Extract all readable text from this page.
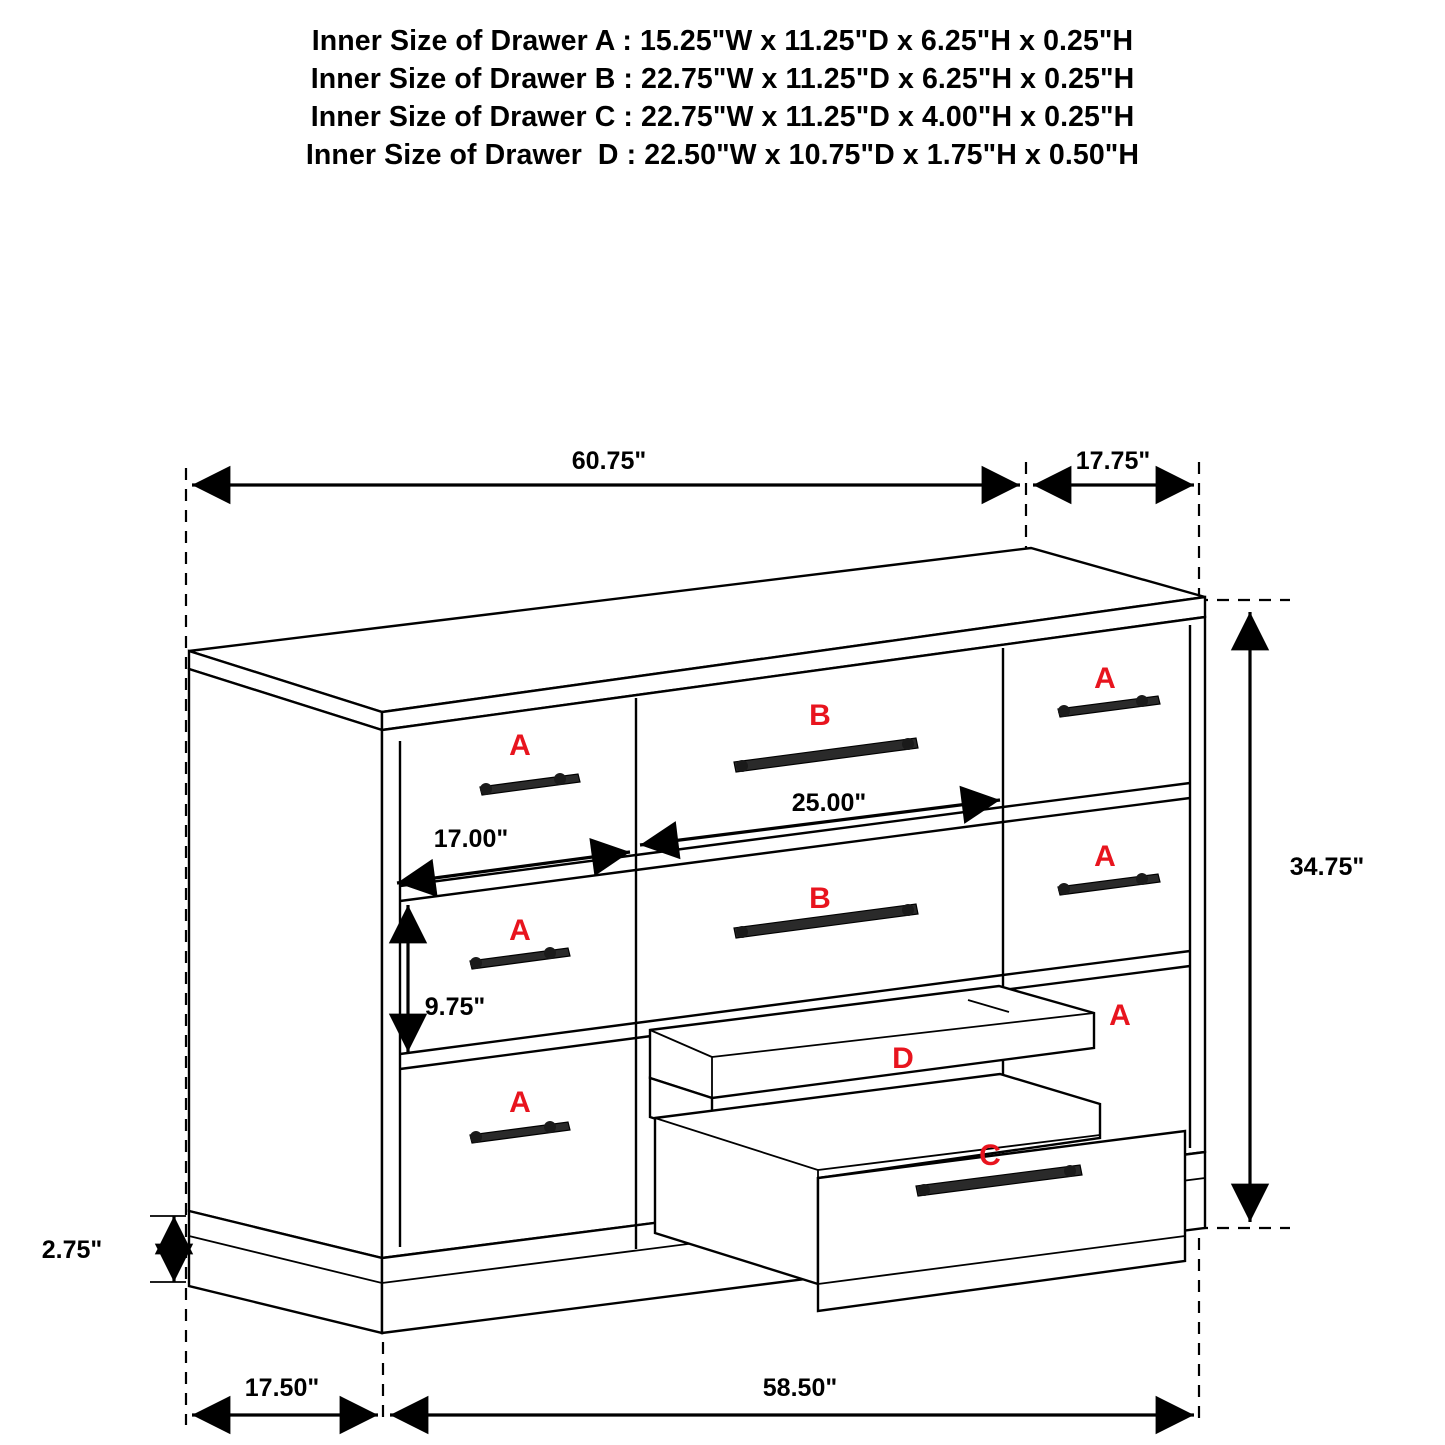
Inner Size of Drawer A : 15.25"W x 11.25"D x 6.25"H x 0.25"H
Inner Size of Drawer B : 22.75"W x 11.25"D x 6.25"H x 0.25"H
Inner Size of Drawer C : 22.75"W x 11.25"D x 4.00"H x 0.25"H
Inner Size of Drawer  D : 22.50"W x 10.75"D x 1.75"H x 0.50"H
60.75"	17.75"
25.00"
17.00"
9.75"
34.75"
2.75"
17.50"	58.50"
A
A
A
B
B
A
A
A
D
C
